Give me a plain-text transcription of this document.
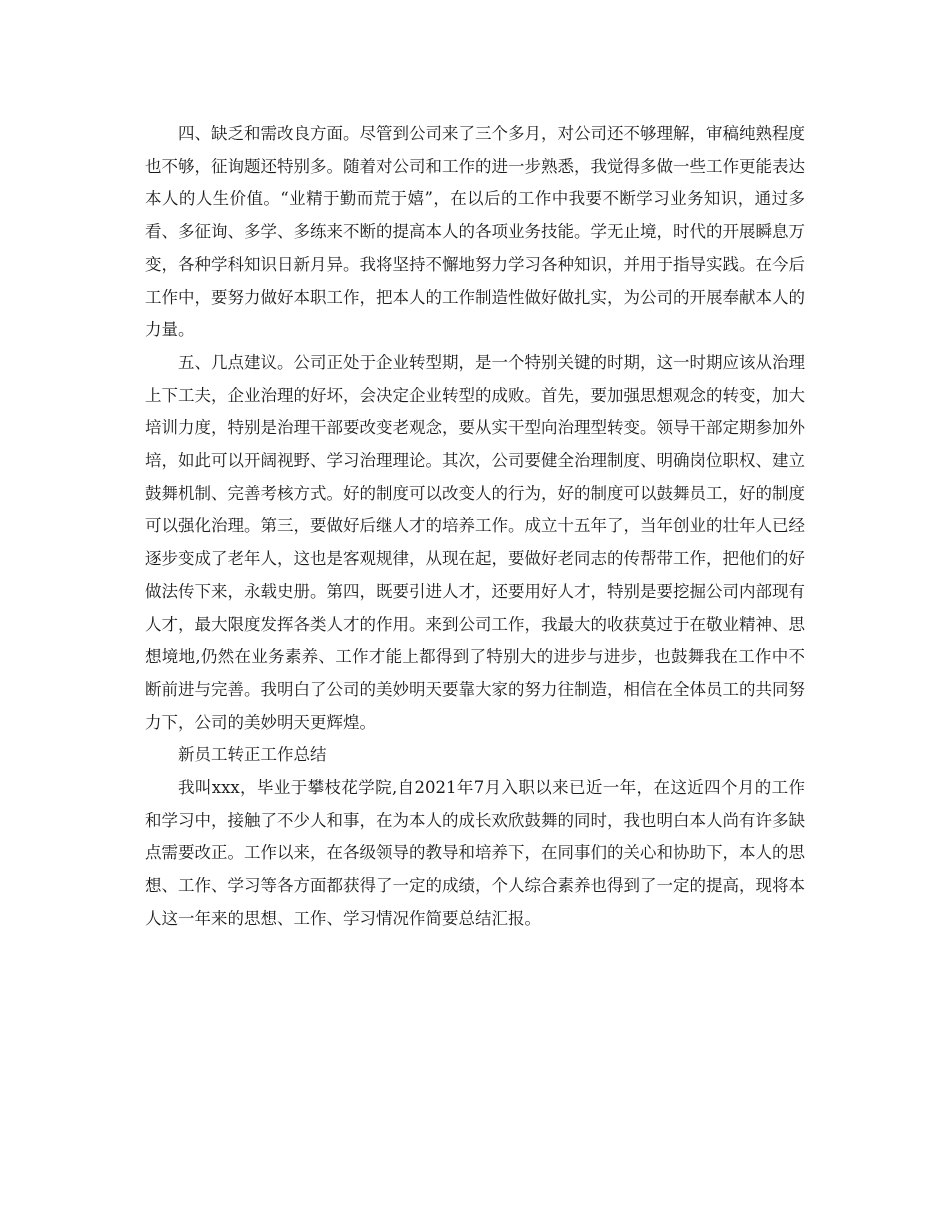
四、缺乏和需改良方面。尽管到公司来了三个多月，对公司还不够理解，审稿纯熟程度也不够，征询题还特别多。随着对公司和工作的进一步熟悉，我觉得多做一些工作更能表达本人的人生价值。“业精于勤而荒于嬉”，在以后的工作中我要不断学习业务知识，通过多看、多征询、多学、多练来不断的提高本人的各项业务技能。学无止境，时代的开展瞬息万变，各种学科知识日新月异。我将坚持不懈地努力学习各种知识，并用于指导实践。在今后工作中，要努力做好本职工作，把本人的工作制造性做好做扎实，为公司的开展奉献本人的力量。

五、几点建议。公司正处于企业转型期，是一个特别关键的时期，这一时期应该从治理上下工夫，企业治理的好坏，会决定企业转型的成败。首先，要加强思想观念的转变，加大培训力度，特别是治理干部要改变老观念，要从实干型向治理型转变。领导干部定期参加外培，如此可以开阔视野、学习治理理论。其次，公司要健全治理制度、明确岗位职权、建立鼓舞机制、完善考核方式。好的制度可以改变人的行为，好的制度可以鼓舞员工，好的制度可以强化治理。第三，要做好后继人才的培养工作。成立十五年了，当年创业的壮年人已经逐步变成了老年人，这也是客观规律，从现在起，要做好老同志的传帮带工作，把他们的好做法传下来，永载史册。第四，既要引进人才，还要用好人才，特别是要挖掘公司内部现有人才，最大限度发挥各类人才的作用。来到公司工作，我最大的收获莫过于在敬业精神、思想境地,仍然在业务素养、工作才能上都得到了特别大的进步与进步，也鼓舞我在工作中不断前进与完善。我明白了公司的美妙明天要靠大家的努力往制造，相信在全体员工的共同努力下，公司的美妙明天更辉煌。

新员工转正工作总结

我叫xxx，毕业于攀枝花学院,自2021年7月入职以来已近一年，在这近四个月的工作和学习中，接触了不少人和事，在为本人的成长欢欣鼓舞的同时，我也明白本人尚有许多缺点需要改正。工作以来，在各级领导的教导和培养下，在同事们的关心和协助下，本人的思想、工作、学习等各方面都获得了一定的成绩，个人综合素养也得到了一定的提高，现将本人这一年来的思想、工作、学习情况作简要总结汇报。
